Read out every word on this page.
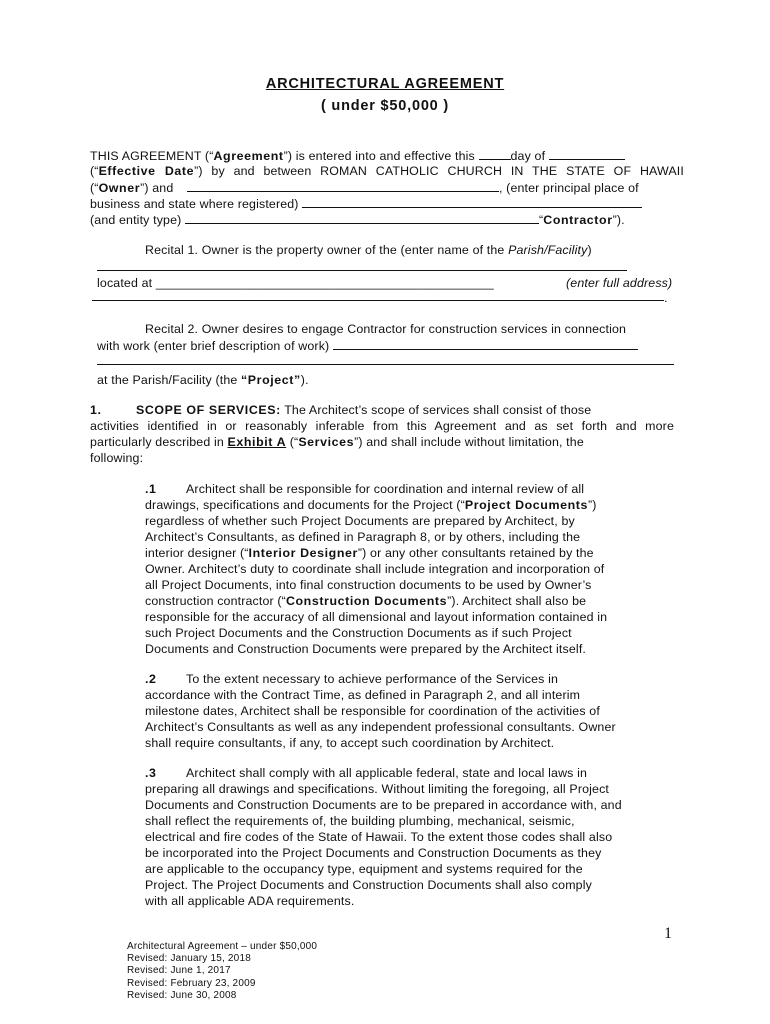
ARCHITECTURAL AGREEMENT
( under $50,000 )
THIS AGREEMENT (“Agreement”) is entered into and effective this	day of
(“Effective Date”) by and between ROMAN CATHOLIC CHURCH IN THE STATE OF HAWAII
(“Owner”) and	, (enter principal place of
business and state where registered)
(and entity type)	“Contractor”).
Recital 1. Owner is the property owner of the (enter name of the Parish/Facility)
located at ________________________________________________	(enter full address)
.
Recital 2. Owner desires to engage Contractor for construction services in connection
with work (enter brief description of work)
at the Parish/Facility (the “Project”).
1.	SCOPE OF SERVICES: The Architect’s scope of services shall consist of those
activities identified in or reasonably inferable from this Agreement and as set forth and more
particularly described in Exhibit A (“Services”) and shall include without limitation, the
following:
.1 Architect shall be responsible for coordination and internal review of all
drawings, specifications and documents for the Project (“Project Documents”)
regardless of whether such Project Documents are prepared by Architect, by
Architect’s Consultants, as defined in Paragraph 8, or by others, including the
interior designer (“Interior Designer”) or any other consultants retained by the
Owner. Architect’s duty to coordinate shall include integration and incorporation of
all Project Documents, into final construction documents to be used by Owner’s
construction contractor (“Construction Documents”). Architect shall also be
responsible for the accuracy of all dimensional and layout information contained in
such Project Documents and the Construction Documents as if such Project
Documents and Construction Documents were prepared by the Architect itself.
.2 To the extent necessary to achieve performance of the Services in
accordance with the Contract Time, as defined in Paragraph 2, and all interim
milestone dates, Architect shall be responsible for coordination of the activities of
Architect’s Consultants as well as any independent professional consultants. Owner
shall require consultants, if any, to accept such coordination by Architect.
.3 Architect shall comply with all applicable federal, state and local laws in
preparing all drawings and specifications. Without limiting the foregoing, all Project
Documents and Construction Documents are to be prepared in accordance with, and
shall reflect the requirements of, the building plumbing, mechanical, seismic,
electrical and fire codes of the State of Hawaii. To the extent those codes shall also
be incorporated into the Project Documents and Construction Documents as they
are applicable to the occupancy type, equipment and systems required for the
Project. The Project Documents and Construction Documents shall also comply
with all applicable ADA requirements.
1
Architectural Agreement – under $50,000
Revised: January 15, 2018
Revised: June 1, 2017
Revised: February 23, 2009
Revised: June 30, 2008
